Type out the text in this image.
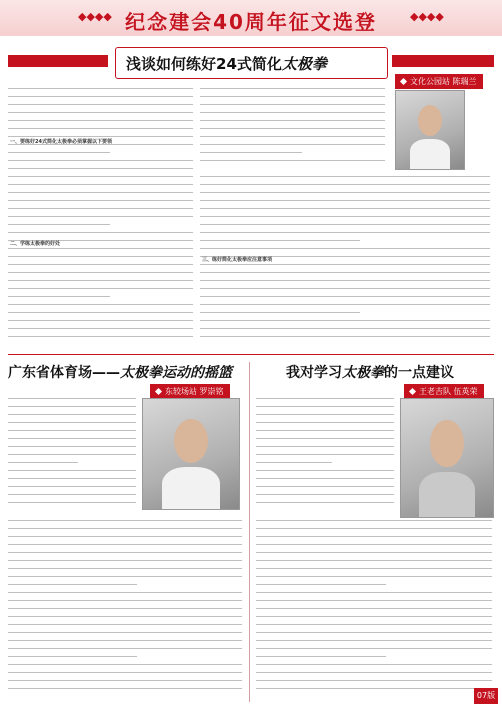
◆◆◆◆ 纪念建会40周年征文选登	◆◆◆◆
浅谈如何练好24式简化太极拳
文化公园站 陈瑞兰
一、要练好24式简化太极拳必须掌握以下要领
二、学练太极拳的好处
三、练好简化太极拳应注意事项
广东省体育场——太极拳运动的摇篮
东较场站 罗崇铭
我对学习太极拳的一点建议
王老吉队 伍英荣
07版
